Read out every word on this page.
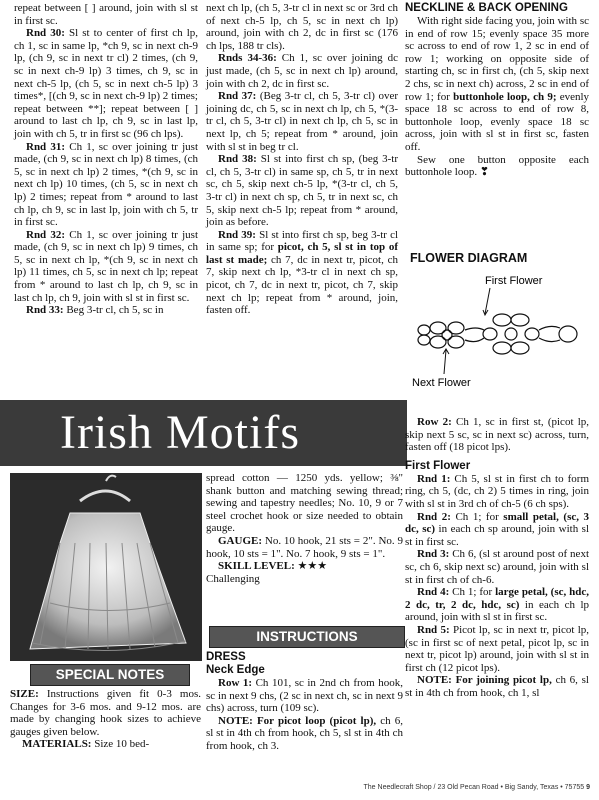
repeat between [ ] around, join with sl st in first sc.

Rnd 30: Sl st to center of first ch lp, ch 1, sc in same lp, *ch 9, sc in next ch-9 lp, (ch 9, sc in next tr cl) 2 times, (ch 9, sc in next ch-9 lp) 3 times, ch 9, sc in next ch-5 lp, (ch 5, sc in next ch-5 lp) 3 times*, [(ch 9, sc in next ch-9 lp) 2 times; repeat between **]; repeat between [ ] around to last ch lp, ch 9, sc in last lp, join with ch 5, tr in first sc (96 ch lps).

Rnd 31: Ch 1, sc over joining tr just made, (ch 9, sc in next ch lp) 8 times, (ch 5, sc in next ch lp) 2 times, *(ch 9, sc in next ch lp) 10 times, (ch 5, sc in next ch lp) 2 times; repeat from * around to last ch lp, ch 9, sc in last lp, join with ch 5, tr in first sc.

Rnd 32: Ch 1, sc over joining tr just made, (ch 9, sc in next ch lp) 9 times, ch 5, sc in next ch lp, *(ch 9, sc in next ch lp) 11 times, ch 5, sc in next ch lp; repeat from * around to last ch lp, ch 9, sc in last ch lp, ch 9, join with sl st in first sc.

Rnd 33: Beg 3-tr cl, ch 5, sc in

next ch lp, (ch 5, 3-tr cl in next sc or 3rd ch of next ch-5 lp, ch 5, sc in next ch lp) around, join with ch 2, dc in first sc (176 ch lps, 188 tr cls).

Rnds 34-36: Ch 1, sc over joining dc just made, (ch 5, sc in next ch lp) around, join with ch 2, dc in first sc.

Rnd 37: (Beg 3-tr cl, ch 5, 3-tr cl) over joining dc, ch 5, sc in next ch lp, ch 5, *(3-tr cl, ch 5, 3-tr cl) in next ch lp, ch 5, sc in next lp, ch 5; repeat from * around, join with sl st in beg tr cl.

Rnd 38: Sl st into first ch sp, (beg 3-tr cl, ch 5, 3-tr cl) in same sp, ch 5, tr in next sc, ch 5, skip next ch-5 lp, *(3-tr cl, ch 5, 3-tr cl) in next ch sp, ch 5, tr in next sc, ch 5, skip next ch-5 lp; repeat from * around, join as before.

Rnd 39: Sl st into first ch sp, beg 3-tr cl in same sp; for picot, ch 5, sl st in top of last st made; ch 7, dc in next tr, picot, ch 7, skip next ch lp, *3-tr cl in next ch sp, picot, ch 7, dc in next tr, picot, ch 7, skip next ch lp; repeat from * around, join, fasten off.

NECKLINE & BACK OPENING

With right side facing you, join with sc in end of row 15; evenly space 35 more sc across to end of row 1, 2 sc in end of row 1; working on opposite side of starting ch, sc in first ch, (ch 5, skip next 2 chs, sc in next ch) across, 2 sc in end of row 1; for buttonhole loop, ch 9; evenly space 18 sc across to end of row 8, buttonhole loop, evenly space 18 sc across, join with sl st in first sc, fasten off.

Sew one button opposite each buttonhole loop. ❣

FLOWER DIAGRAM
First Flower
Next Flower
Irish Motifs
SPECIAL NOTES

SIZE: Instructions given fit 0-3 mos. Changes for 3-6 mos. and 9-12 mos. are made by changing hook sizes to achieve gauges given below.

MATERIALS: Size 10 bed-

spread cotton — 1250 yds. yellow; ⅜" shank button and matching sewing thread; sewing and tapestry needles; No. 10, 9 or 7 steel crochet hook or size needed to obtain gauge.

GAUGE: No. 10 hook, 21 sts = 2". No. 9 hook, 10 sts = 1". No. 7 hook, 9 sts = 1".

SKILL LEVEL: ★★★

Challenging

INSTRUCTIONS

DRESS

Neck Edge

Row 1: Ch 101, sc in 2nd ch from hook, sc in next 9 chs, (2 sc in next ch, sc in next 9 chs) across, turn (109 sc).

NOTE: For picot loop (picot lp), ch 6, sl st in 4th ch from hook, ch 5, sl st in 4th ch from hook, ch 3.

Row 2: Ch 1, sc in first st, (picot lp, skip next 5 sc, sc in next sc) across, turn, fasten off (18 picot lps).

First Flower

Rnd 1: Ch 5, sl st in first ch to form ring, ch 5, (dc, ch 2) 5 times in ring, join with sl st in 3rd ch of ch-5 (6 ch sps).

Rnd 2: Ch 1; for small petal, (sc, 3 dc, sc) in each ch sp around, join with sl st in first sc.

Rnd 3: Ch 6, (sl st around post of next sc, ch 6, skip next sc) around, join with sl st in first ch of ch-6.

Rnd 4: Ch 1; for large petal, (sc, hdc, 2 dc, tr, 2 dc, hdc, sc) in each ch lp around, join with sl st in first sc.

Rnd 5: Picot lp, sc in next tr, picot lp, (sc in first sc of next petal, picot lp, sc in next tr, picot lp) around, join with sl st in first ch (12 picot lps).

NOTE: For joining picot lp, ch 6, sl st in 4th ch from hook, ch 1, sl

The Needlecraft Shop / 23 Old Pecan Road • Big Sandy, Texas • 75755 9
